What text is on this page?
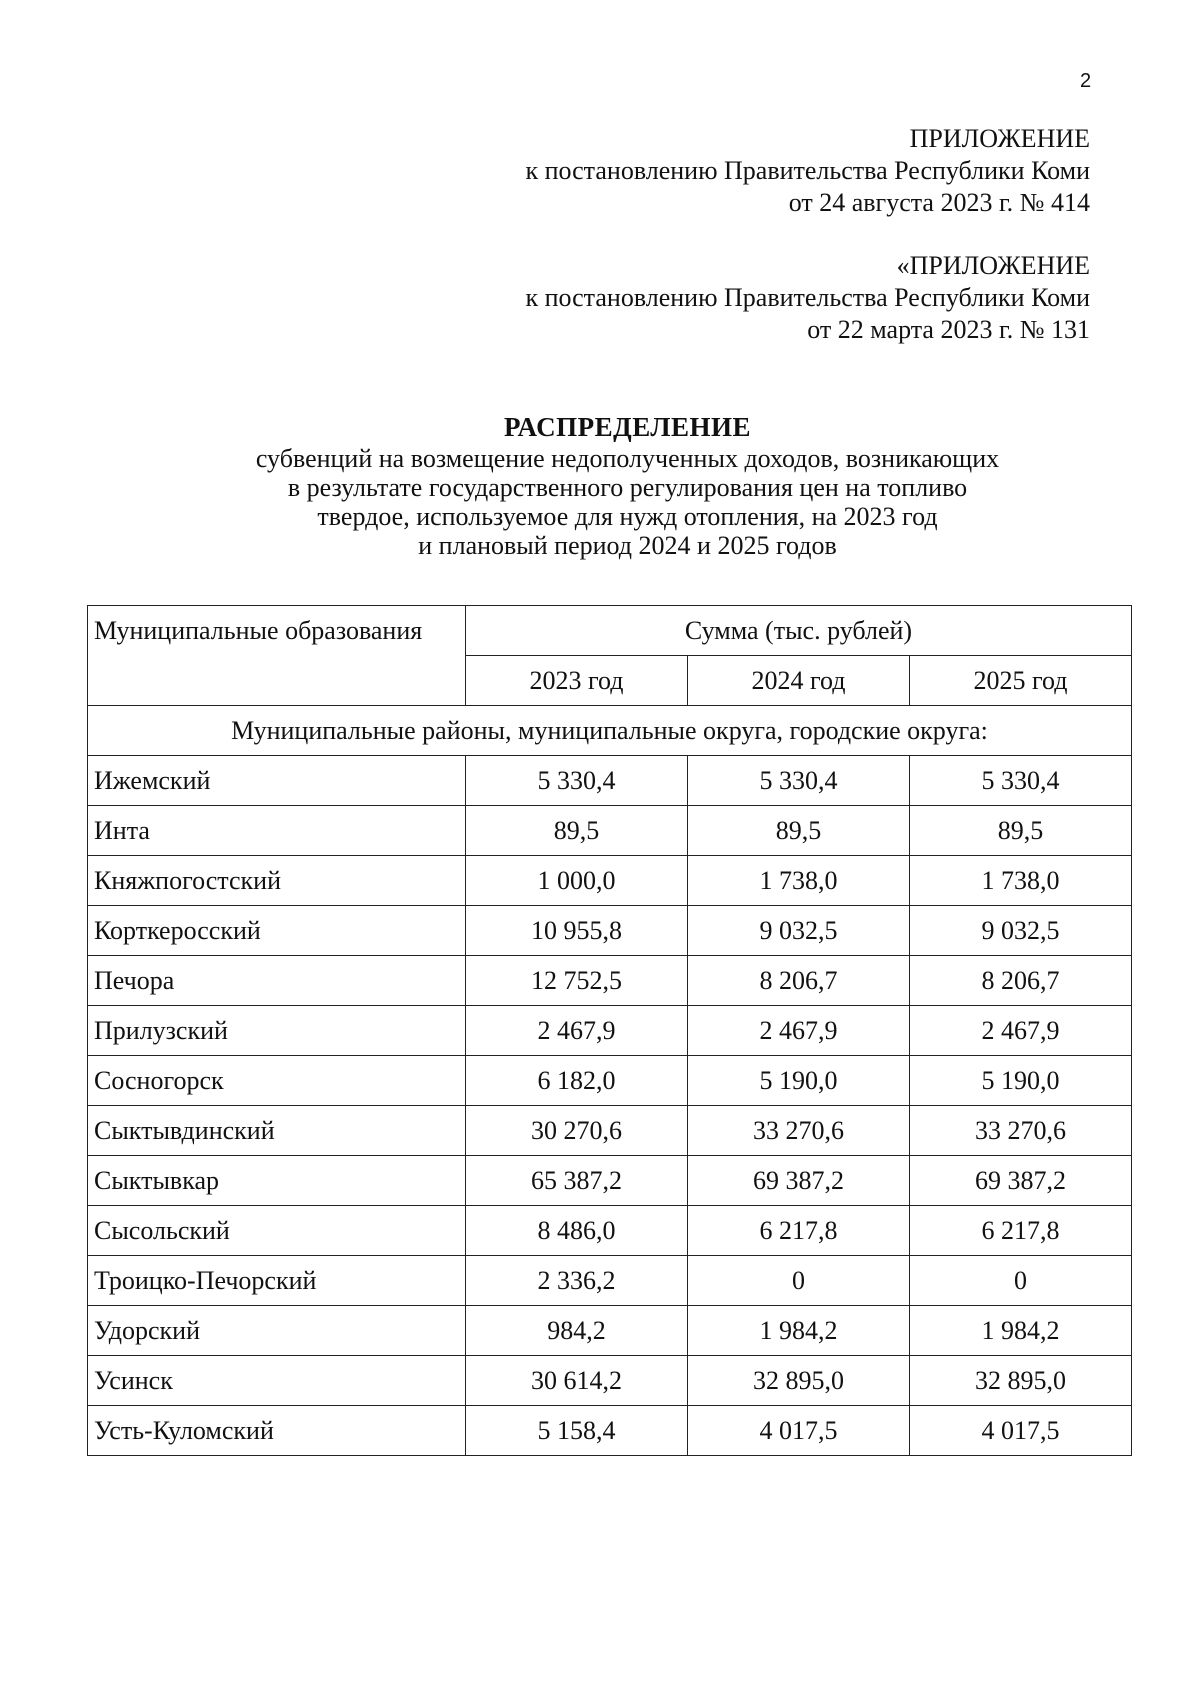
2
ПРИЛОЖЕНИЕ
к постановлению Правительства Республики Коми
от 24 августа 2023 г. № 414
«ПРИЛОЖЕНИЕ
к постановлению Правительства Республики Коми
от 22 марта 2023 г. № 131
РАСПРЕДЕЛЕНИЕ
субвенций на возмещение недополученных доходов, возникающих
в результате государственного регулирования цен на топливо
твердое, используемое для нужд отопления, на 2023 год
и плановый период 2024 и 2025 годов
Муниципальные образования	Сумма (тыс. рублей)		
	2023 год	2024 год	2025 год
Муниципальные районы, муниципальные округа, городские округа:			
Ижемский	5 330,4	5 330,4	5 330,4
Инта	89,5	89,5	89,5
Княжпогостский	1 000,0	1 738,0	1 738,0
Корткеросский	10 955,8	9 032,5	9 032,5
Печора	12 752,5	8 206,7	8 206,7
Прилузский	2 467,9	2 467,9	2 467,9
Сосногорск	6 182,0	5 190,0	5 190,0
Сыктывдинский	30 270,6	33 270,6	33 270,6
Сыктывкар	65 387,2	69 387,2	69 387,2
Сысольский	8 486,0	6 217,8	6 217,8
Троицко-Печорский	2 336,2	0	0
Удорский	984,2	1 984,2	1 984,2
Усинск	30 614,2	32 895,0	32 895,0
Усть-Куломский	5 158,4	4 017,5	4 017,5
